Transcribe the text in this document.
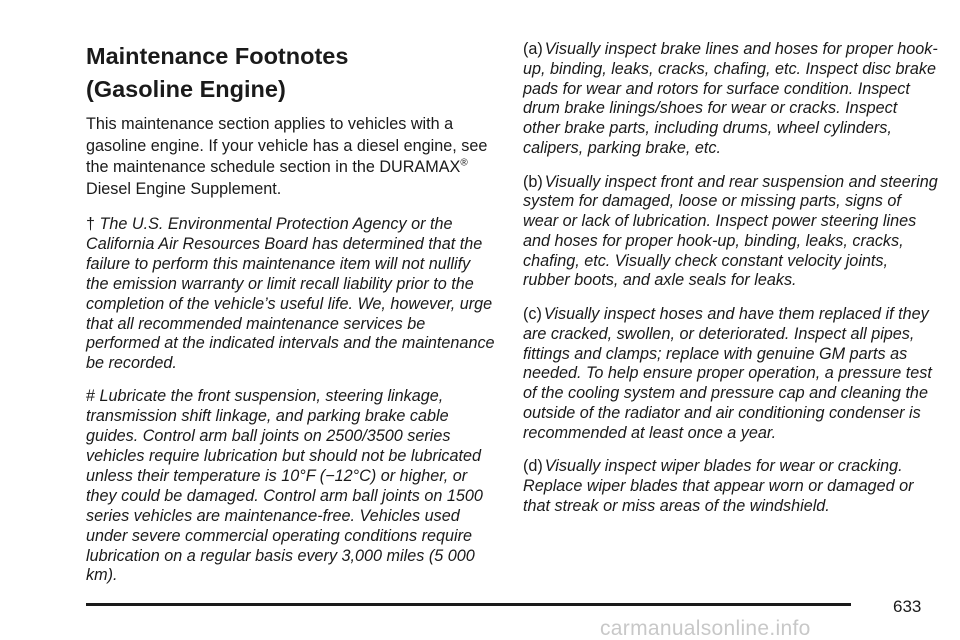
Maintenance Footnotes
(Gasoline Engine)

This maintenance section applies to vehicles with a gasoline engine. If your vehicle has a diesel engine, see the maintenance schedule section in the DURAMAX® Diesel Engine Supplement.

† The U.S. Environmental Protection Agency or the California Air Resources Board has determined that the failure to perform this maintenance item will not nullify the emission warranty or limit recall liability prior to the completion of the vehicle’s useful life. We, however, urge that all recommended maintenance services be performed at the indicated intervals and the maintenance be recorded.

# Lubricate the front suspension, steering linkage, transmission shift linkage, and parking brake cable guides. Control arm ball joints on 2500/3500 series vehicles require lubrication but should not be lubricated unless their temperature is 10°F (−12°C) or higher, or they could be damaged. Control arm ball joints on 1500 series vehicles are maintenance-free. Vehicles used under severe commercial operating conditions require lubrication on a regular basis every 3,000 miles (5 000 km).

(a) Visually inspect brake lines and hoses for proper hook-up, binding, leaks, cracks, chafing, etc. Inspect disc brake pads for wear and rotors for surface condition. Inspect drum brake linings/shoes for wear or cracks. Inspect other brake parts, including drums, wheel cylinders, calipers, parking brake, etc.

(b) Visually inspect front and rear suspension and steering system for damaged, loose or missing parts, signs of wear or lack of lubrication. Inspect power steering lines and hoses for proper hook-up, binding, leaks, cracks, chafing, etc. Visually check constant velocity joints, rubber boots, and axle seals for leaks.

(c) Visually inspect hoses and have them replaced if they are cracked, swollen, or deteriorated. Inspect all pipes, fittings and clamps; replace with genuine GM parts as needed. To help ensure proper operation, a pressure test of the cooling system and pressure cap and cleaning the outside of the radiator and air conditioning condenser is recommended at least once a year.

(d) Visually inspect wiper blades for wear or cracking. Replace wiper blades that appear worn or damaged or that streak or miss areas of the windshield.

633
carmanualsonline.info
